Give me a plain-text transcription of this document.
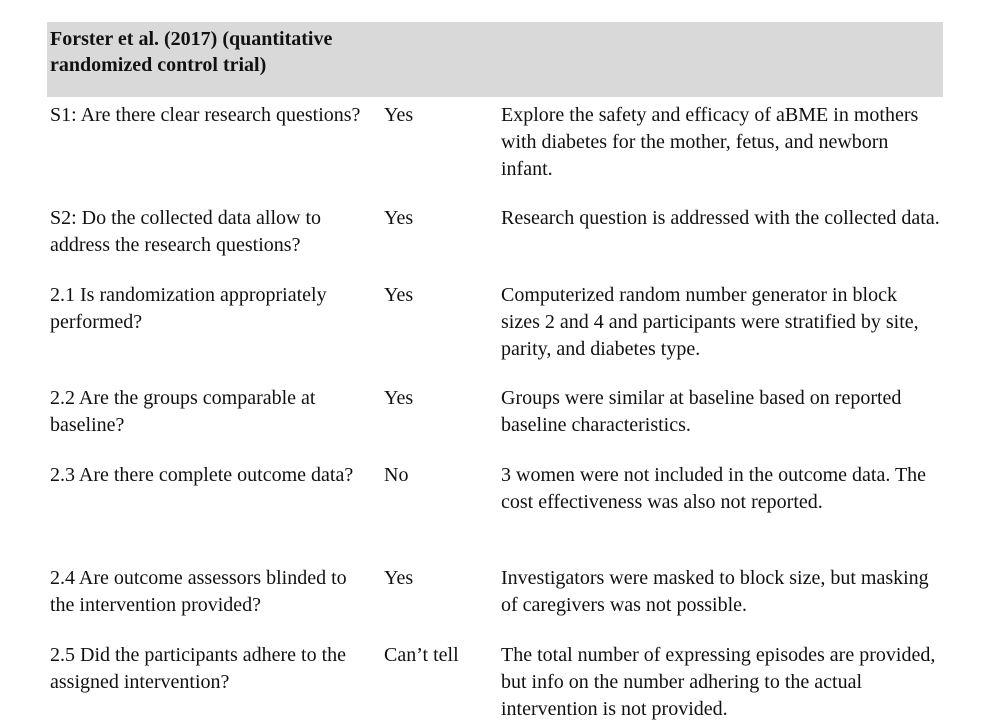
Forster et al. (2017) (quantitative randomized control trial)		
S1: Are there clear research questions?	Yes	Explore the safety and efficacy of aBME in mothers with diabetes for the mother, fetus, and newborn infant.
S2: Do the collected data allow to address the research questions?	Yes	Research question is addressed with the collected data.
2.1 Is randomization appropriately performed?	Yes	Computerized random number generator in block sizes 2 and 4 and participants were stratified by site, parity, and diabetes type.
2.2 Are the groups comparable at baseline?	Yes	Groups were similar at baseline based on reported baseline characteristics.
2.3 Are there complete outcome data?	No	3 women were not included in the outcome data. The cost effectiveness was also not reported.
2.4 Are outcome assessors blinded to the intervention provided?	Yes	Investigators were masked to block size, but masking of caregivers was not possible.
2.5 Did the participants adhere to the assigned intervention?	Can’t tell	The total number of expressing episodes are provided, but info on the number adhering to the actual intervention is not provided.
